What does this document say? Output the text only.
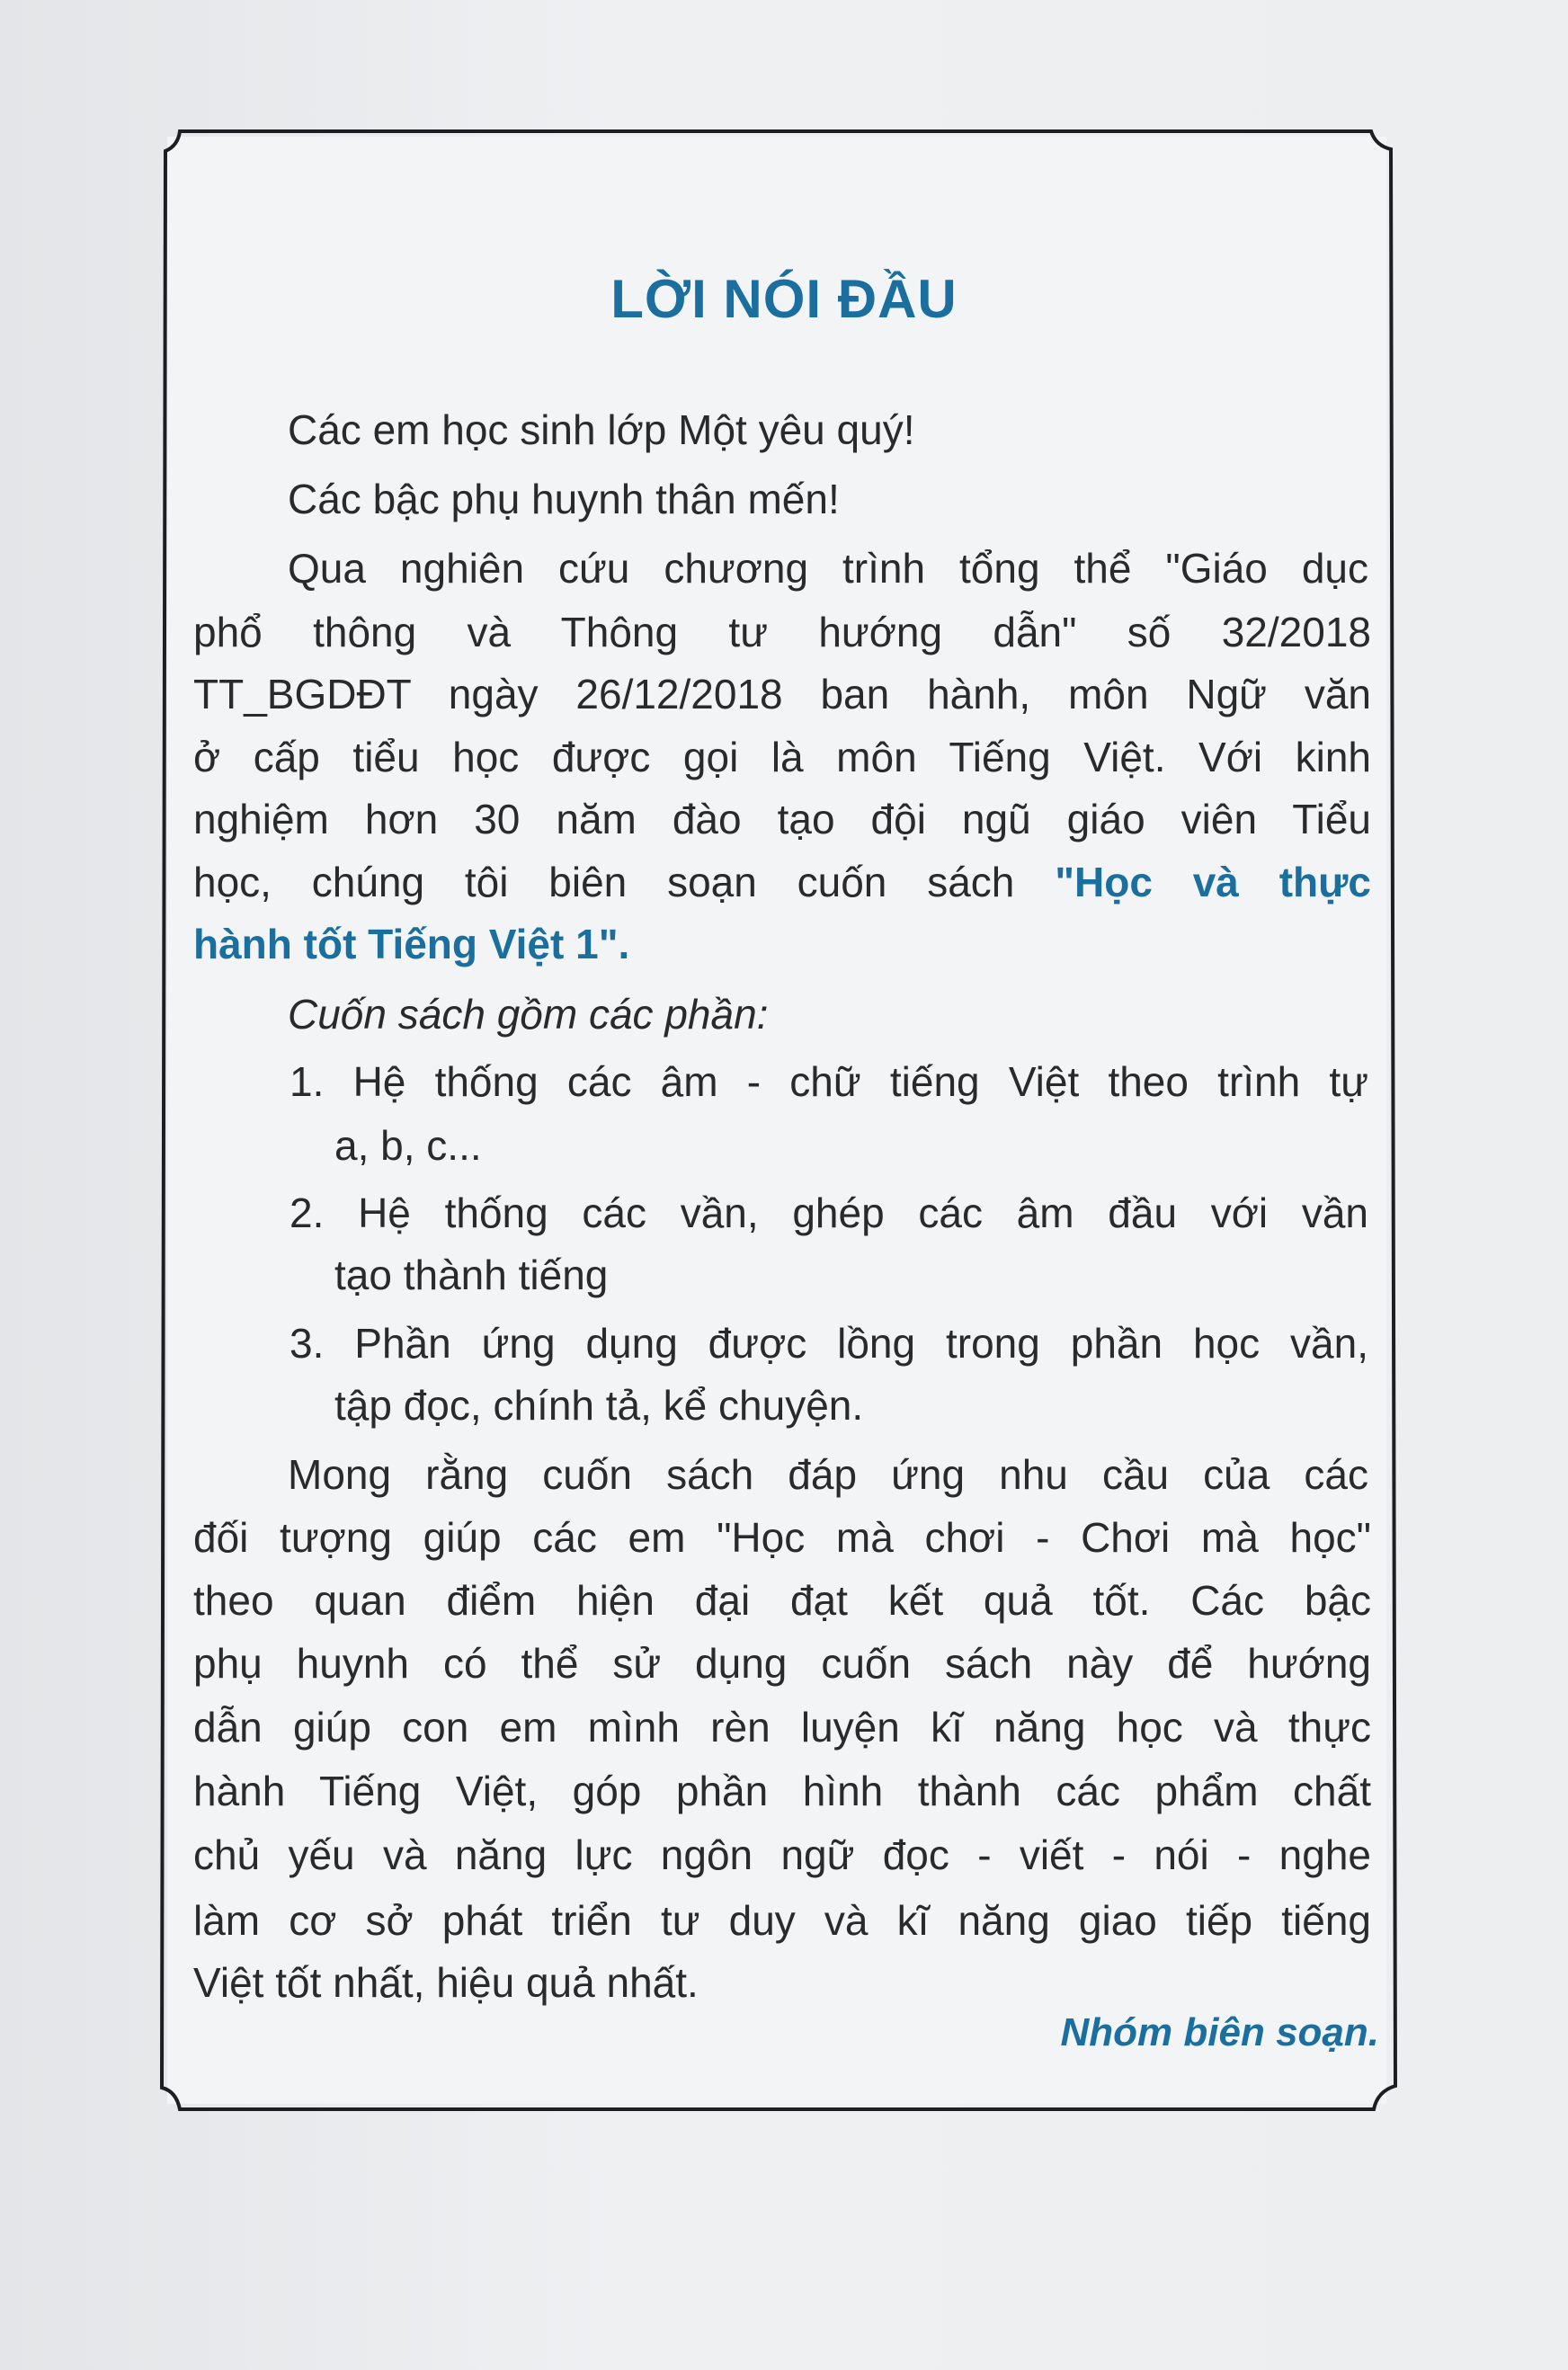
LỜI NÓI ĐẦU
Các em học sinh lớp Một yêu quý!
Các bậc phụ huynh thân mến!
Qua nghiên cứu chương trình tổng thể "Giáo dục
phổ thông và Thông tư hướng dẫn" số 32/2018
TT_BGDĐT ngày 26/12/2018 ban hành, môn Ngữ văn
ở cấp tiểu học được gọi là môn Tiếng Việt. Với kinh
nghiệm hơn 30 năm đào tạo đội ngũ giáo viên Tiểu
học, chúng tôi biên soạn cuốn sách "Học và thực
hành tốt Tiếng Việt 1".
Cuốn sách gồm các phần:
1. Hệ thống các âm - chữ tiếng Việt theo trình tự
a, b, c...
2. Hệ thống các vần, ghép các âm đầu với vần
tạo thành tiếng
3. Phần ứng dụng được lồng trong phần học vần,
tập đọc, chính tả, kể chuyện.
Mong rằng cuốn sách đáp ứng nhu cầu của các
đối tượng giúp các em "Học mà chơi - Chơi mà học"
theo quan điểm hiện đại đạt kết quả tốt. Các bậc
phụ huynh có thể sử dụng cuốn sách này để hướng
dẫn giúp con em mình rèn luyện kĩ năng học và thực
hành Tiếng Việt, góp phần hình thành các phẩm chất
chủ yếu và năng lực ngôn ngữ đọc - viết - nói - nghe
làm cơ sở phát triển tư duy và kĩ năng giao tiếp tiếng
Việt tốt nhất, hiệu quả nhất.
Nhóm biên soạn.
